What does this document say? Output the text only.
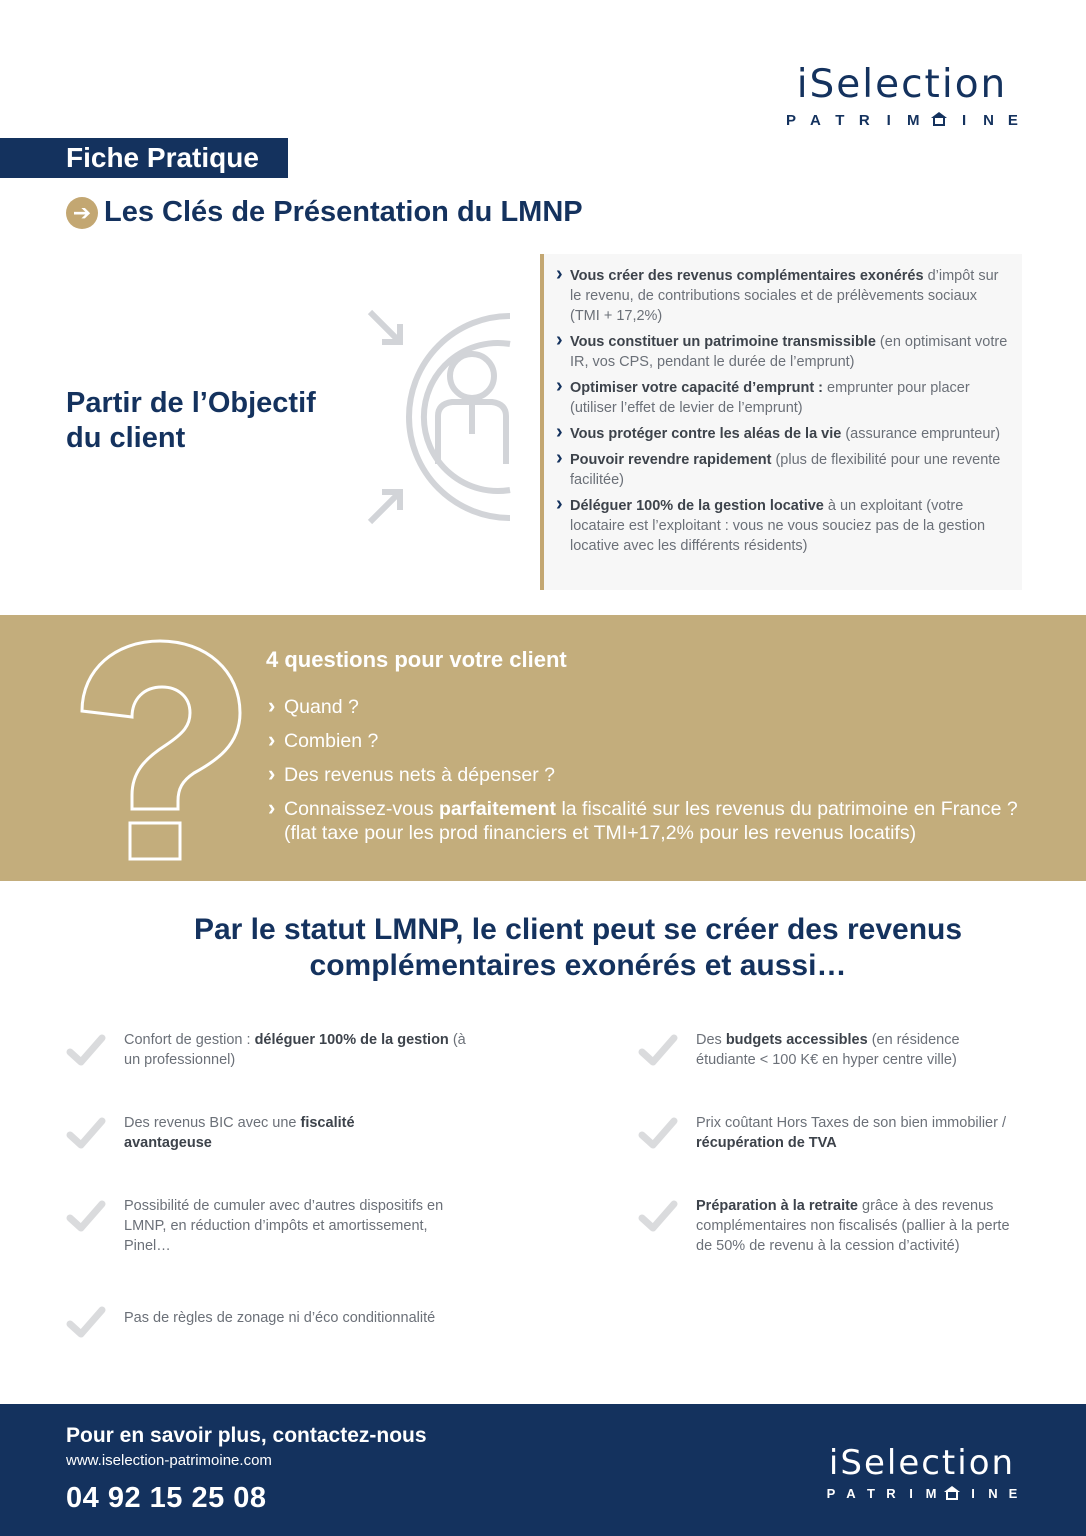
iSelection
P A T R	I	M	I	N E
Fiche Pratique
➔ Les Clés de Présentation du LMNP
Partir de l’Objectif
du client
› Vous créer des revenus complémentaires exonérés d’impôt sur le revenu, de contributions sociales et de prélèvements sociaux (TMI + 17,2%)
› Vous constituer un patrimoine transmissible (en optimisant votre IR, vos CPS, pendant le durée de l’emprunt)
› Optimiser votre capacité d’emprunt : emprunter pour placer (utiliser l’effet de levier de l’emprunt)
› Vous protéger contre les aléas de la vie (assurance emprunteur)
› Pouvoir revendre rapidement (plus de flexibilité pour une revente facilitée)
› Déléguer 100% de la gestion locative à un exploitant (votre locataire est l’exploitant : vous ne vous souciez pas de la gestion locative avec les différents résidents)
4 questions pour votre client
› Quand ?
› Combien ?
› Des revenus nets à dépenser ?
› Connaissez-vous parfaitement la fiscalité sur les revenus du patrimoine en France ? (flat taxe pour les prod financiers et TMI+17,2% pour les revenus locatifs)
Par le statut LMNP, le client peut se créer des revenus
complémentaires exonérés et aussi…
Confort de gestion : déléguer 100% de la gestion (à un professionnel)
Des revenus BIC avec une fiscalité avantageuse
Possibilité de cumuler avec d’autres dispositifs en LMNP, en réduction d’impôts et amortissement, Pinel…
Pas de règles de zonage ni d’éco conditionnalité
Des budgets accessibles (en résidence étudiante < 100 K€ en hyper centre ville)
Prix coûtant Hors Taxes de son bien immobilier / récupération de TVA
Préparation à la retraite grâce à des revenus complémentaires non fiscalisés (pallier à la perte de 50% de revenu à la cession d’activité)
Pour en savoir plus, contactez-nous
www.iselection-patrimoine.com
04 92 15 25 08
iSelection
P A T R	I M	I	N E
